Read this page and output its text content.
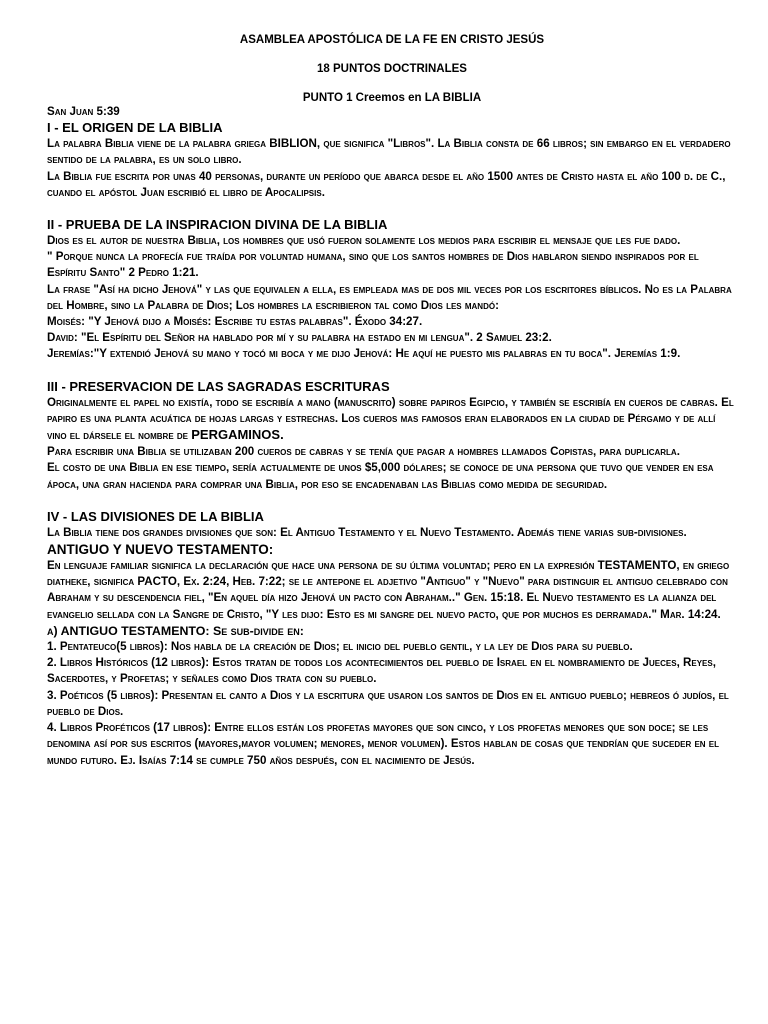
ASAMBLEA APOSTÓLICA DE LA FE EN CRISTO JESÚS

18 PUNTOS DOCTRINALES

PUNTO 1 Creemos en LA BIBLIA

San Juan 5:39

I - EL ORIGEN DE LA BIBLIA

La palabra Biblia viene de la palabra griega BIBLION, que significa "Libros". La Biblia consta de 66 libros; sin embargo en el verdadero sentido de la palabra, es un solo libro.

La Biblia fue escrita por unas 40 personas, durante un período que abarca desde el año 1500 antes de Cristo hasta el año 100 d. de C., cuando el apóstol Juan escribió el libro de Apocalipsis.

II - PRUEBA DE LA INSPIRACION DIVINA DE LA BIBLIA

Dios es el autor de nuestra Biblia, los hombres que usó fueron solamente los medios para escribir el mensaje que les fue dado.

" Porque nunca la profecía fue traída por voluntad humana, sino que los santos hombres de Dios hablaron siendo inspirados por el Espíritu Santo" 2 Pedro 1:21.

La frase "Así ha dicho Jehová" y las que equivalen a ella, es empleada mas de dos mil veces por los escritores bíblicos. No es la Palabra del Hombre, sino la Palabra de Dios; Los hombres la escribieron tal como Dios les mandó:

Moisés: "Y Jehová dijo a Moisés: Escribe tu estas palabras". Éxodo 34:27.

David: "El Espíritu del Señor ha hablado por mí y su palabra ha estado en mi lengua". 2 Samuel 23:2.

Jeremías:"Y extendió Jehová su mano y tocó mi boca y me dijo Jehová: He aquí he puesto mis palabras en tu boca". Jeremías 1:9.

III - PRESERVACION DE LAS SAGRADAS ESCRITURAS

Originalmente el papel no existía, todo se escribía a mano (manuscrito) sobre papiros Egipcio, y también se escribía en cueros de cabras. El papiro es una planta acuática de hojas largas y estrechas. Los cueros mas famosos eran elaborados en la ciudad de Pérgamo y de allí vino el dársele el nombre de PERGAMINOS.

Para escribir una Biblia se utilizaban 200 cueros de cabras y se tenía que pagar a hombres llamados Copistas, para duplicarla.

El costo de una Biblia en ese tiempo, sería actualmente de unos $5,000 dólares; se conoce de una persona que tuvo que vender en esa ápoca, una gran hacienda para comprar una Biblia, por eso se encadenaban las Biblias como medida de seguridad.

IV - LAS DIVISIONES DE LA BIBLIA

La Biblia tiene dos grandes divisiones que son: El Antiguo Testamento y el Nuevo Testamento. Además tiene varias sub-divisiones.

ANTIGUO Y NUEVO TESTAMENTO:

En lenguaje familiar significa la declaración que hace una persona de su última voluntad; pero en la expresión TESTAMENTO, en griego diatheke, significa PACTO, Ex. 2:24, Heb. 7:22; se le antepone el adjetivo "Antiguo" y "Nuevo" para distinguir el antiguo celebrado con Abraham y su descendencia fiel, "En aquel día hizo Jehová un pacto con Abraham.." Gen. 15:18. El Nuevo testamento es la alianza del evangelio sellada con la Sangre de Cristo, "Y les dijo: Esto es mi sangre del nuevo pacto, que por muchos es derramada." Mar. 14:24.

a) ANTIGUO TESTAMENTO: Se sub-divide en:

1. Pentateuco(5 libros): Nos habla de la creación de Dios; el inicio del pueblo gentil, y la ley de Dios para su pueblo.

2. Libros Históricos (12 libros): Estos tratan de todos los acontecimientos del pueblo de Israel en el nombramiento de Jueces, Reyes, Sacerdotes, y Profetas; y señales como Dios trata con su pueblo.

3. Poéticos (5 libros): Presentan el canto a Dios y la escritura que usaron los santos de Dios en el antiguo pueblo; hebreos ó judíos, el pueblo de Dios.

4. Libros Proféticos (17 libros): Entre ellos están los profetas mayores que son cinco, y los profetas menores que son doce; se les denomina así por sus escritos (mayores,mayor volumen; menores, menor volumen). Estos hablan de cosas que tendrían que suceder en el mundo futuro. Ej. Isaías 7:14 se cumple 750 años después, con el nacimiento de Jesús.
